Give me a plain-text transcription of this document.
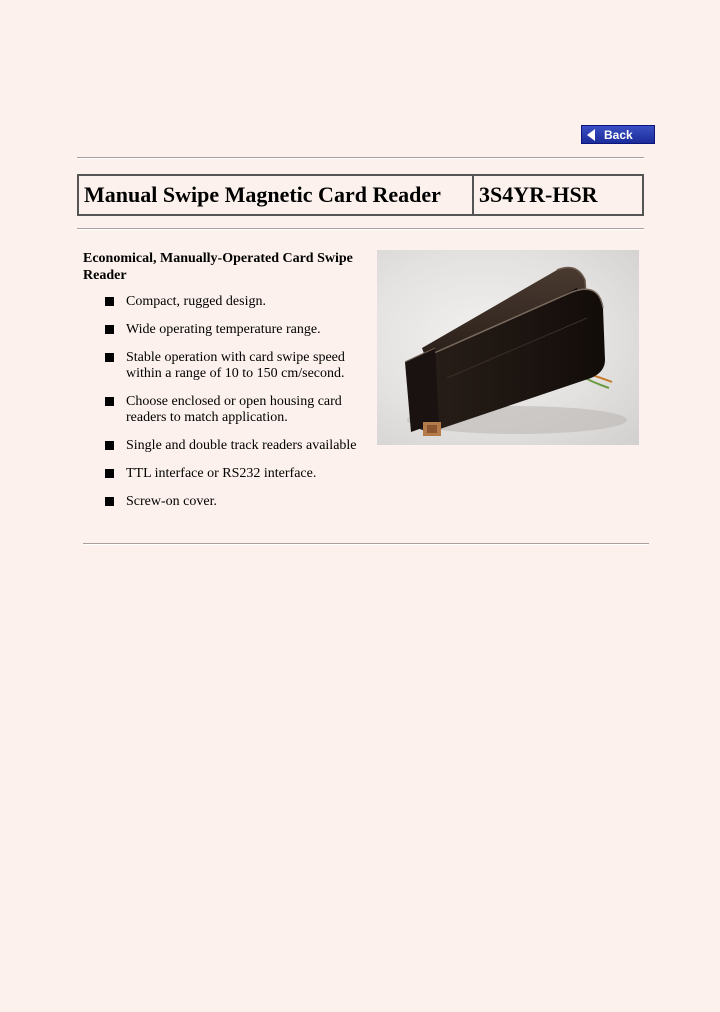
Back
Manual Swipe Magnetic Card Reader	3S4YR-HSR

Economical, Manually-Operated Card Swipe Reader

Compact, rugged design.
Wide operating temperature range.
Stable operation with card swipe speed within a range of 10 to 150 cm/second.
Choose enclosed or open housing card readers to match application.
Single and double track readers available
TTL interface or RS232 interface.
Screw-on cover.
